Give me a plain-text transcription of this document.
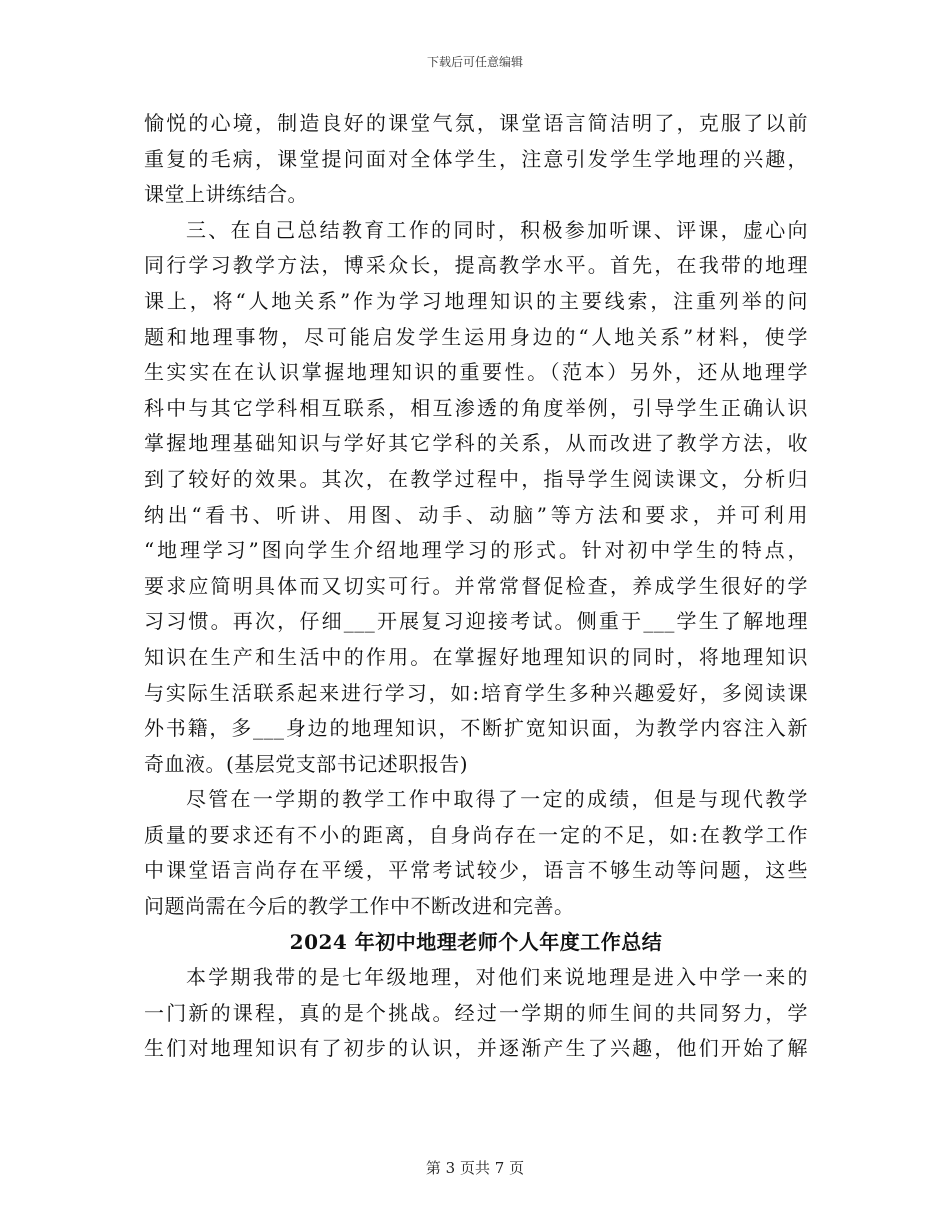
下载后可任意编辑
愉悦的心境，制造良好的课堂气氛，课堂语言简洁明了，克服了以前
重复的毛病，课堂提问面对全体学生，注意引发学生学地理的兴趣，
课堂上讲练结合。
三、在自己总结教育工作的同时，积极参加听课、评课，虚心向
同行学习教学方法，博采众长，提高教学水平。首先，在我带的地理
课上，将“人地关系”作为学习地理知识的主要线索，注重列举的问
题和地理事物，尽可能启发学生运用身边的“人地关系”材料，使学
生实实在在认识掌握地理知识的重要性。（范本）另外，还从地理学
科中与其它学科相互联系，相互渗透的角度举例，引导学生正确认识
掌握地理基础知识与学好其它学科的关系，从而改进了教学方法，收
到了较好的效果。其次，在教学过程中，指导学生阅读课文，分析归
纳出“看书、听讲、用图、动手、动脑”等方法和要求，并可利用
“地理学习”图向学生介绍地理学习的形式。针对初中学生的特点，
要求应简明具体而又切实可行。并常常督促检查，养成学生很好的学
习习惯。再次，仔细___开展复习迎接考试。侧重于___学生了解地理
知识在生产和生活中的作用。在掌握好地理知识的同时，将地理知识
与实际生活联系起来进行学习，如:培育学生多种兴趣爱好，多阅读课
外书籍，多___身边的地理知识，不断扩宽知识面，为教学内容注入新
奇血液。(基层党支部书记述职报告)
尽管在一学期的教学工作中取得了一定的成绩，但是与现代教学
质量的要求还有不小的距离，自身尚存在一定的不足，如:在教学工作
中课堂语言尚存在平缓，平常考试较少，语言不够生动等问题，这些
问题尚需在今后的教学工作中不断改进和完善。
2024 年初中地理老师个人年度工作总结
本学期我带的是七年级地理，对他们来说地理是进入中学一来的
一门新的课程，真的是个挑战。经过一学期的师生间的共同努力，学
生们对地理知识有了初步的认识，并逐渐产生了兴趣，他们开始了解
第 3 页共 7 页
